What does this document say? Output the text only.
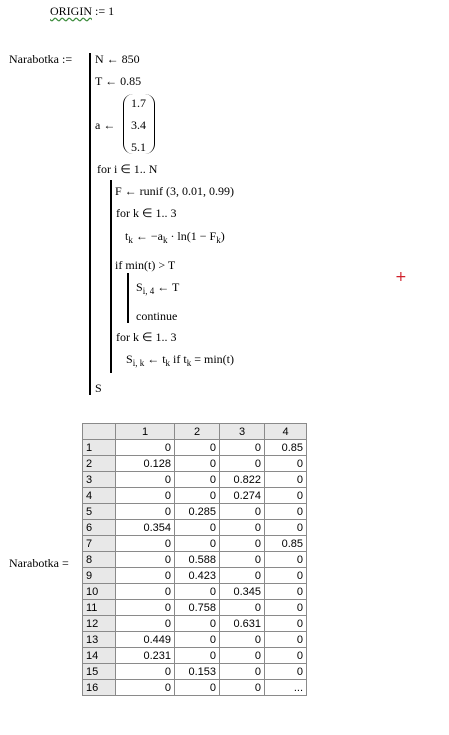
ORIGIN := 1
Narabotka := N ← 850
T ← 0.85
a ←
1.7
3.4
5.1
for i ∈ 1.. N
F ← runif (3, 0.01, 0.99)
for k ∈ 1.. 3
$t_k$ ← $-a_k \cdot \ln(1 - F_k)$
if min(t) > T
$S_{i, 4}$ ← T
continue
for k ∈ 1.. 3
$S_{i, k}$ ← $t_k$ if $t_k = \min(t)$
S
+
Narabotka =
	1	2	3	4
1	0	0	0	0.85
2	0.128	0	0	0
3	0	0	0.822	0
4	0	0	0.274	0
5	0	0.285	0	0
6	0.354	0	0	0
7	0	0	0	0.85
8	0	0.588	0	0
9	0	0.423	0	0
10	0	0	0.345	0
11	0	0.758	0	0
12	0	0	0.631	0
13	0.449	0	0	0
14	0.231	0	0	0
15	0	0.153	0	0
16	0	0	0	...
